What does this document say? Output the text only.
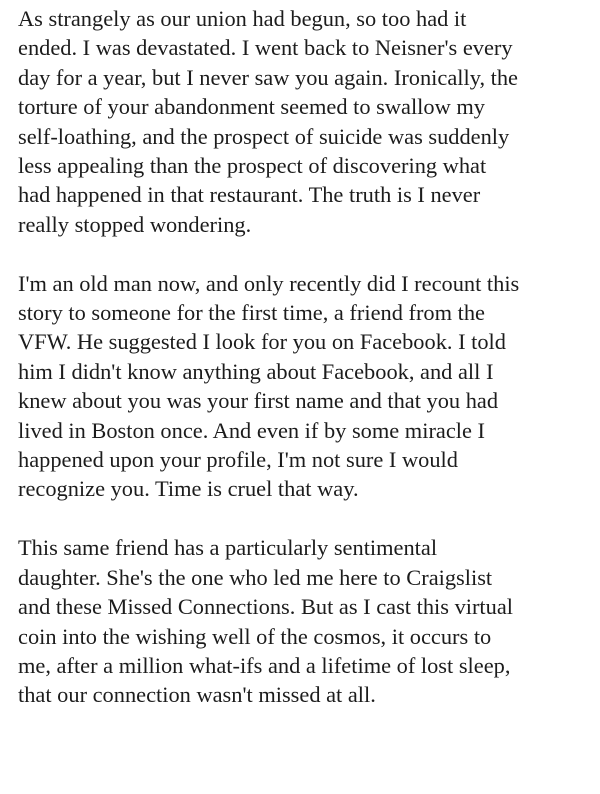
As strangely as our union had begun, so too had it
ended. I was devastated. I went back to Neisner's every
day for a year, but I never saw you again. Ironically, the
torture of your abandonment seemed to swallow my
self-loathing, and the prospect of suicide was suddenly
less appealing than the prospect of discovering what
had happened in that restaurant. The truth is I never
really stopped wondering.

I'm an old man now, and only recently did I recount this
story to someone for the first time, a friend from the
VFW. He suggested I look for you on Facebook. I told
him I didn't know anything about Facebook, and all I
knew about you was your first name and that you had
lived in Boston once. And even if by some miracle I
happened upon your profile, I'm not sure I would
recognize you. Time is cruel that way.

This same friend has a particularly sentimental
daughter. She's the one who led me here to Craigslist
and these Missed Connections. But as I cast this virtual
coin into the wishing well of the cosmos, it occurs to
me, after a million what-ifs and a lifetime of lost sleep,
that our connection wasn't missed at all.
